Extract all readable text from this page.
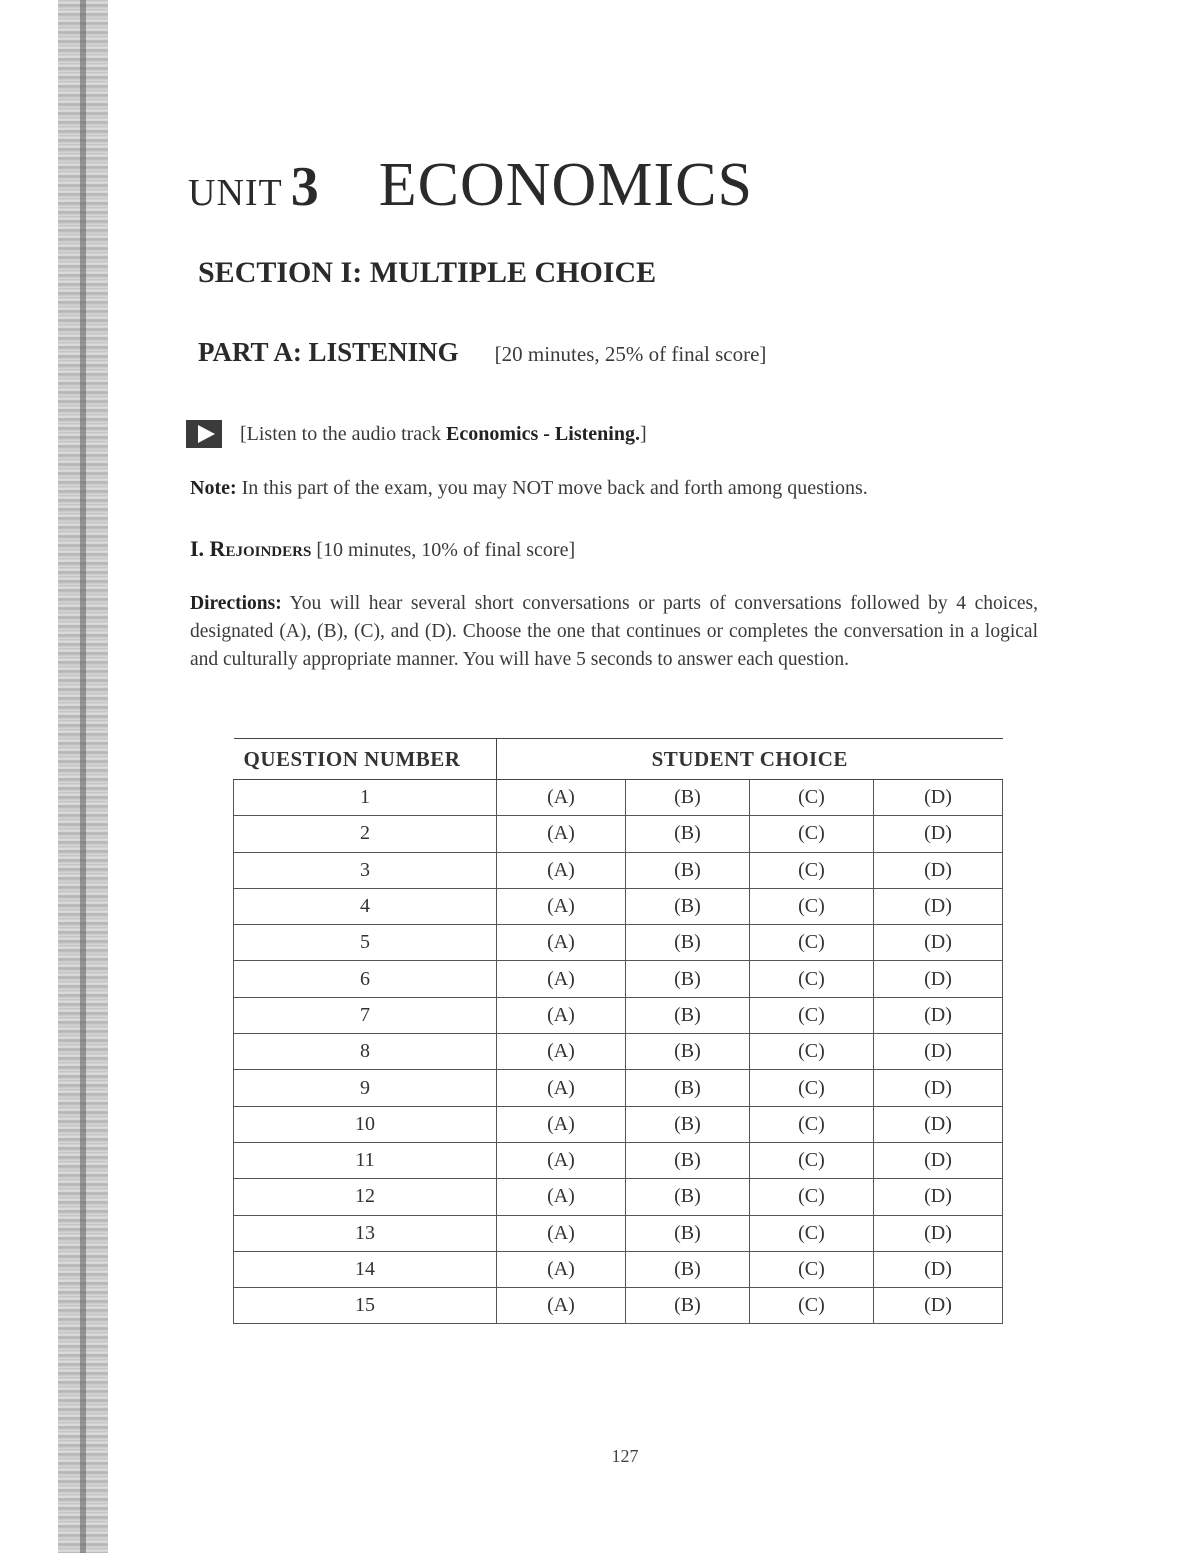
UNIT 3 ECONOMICS
SECTION I: MULTIPLE CHOICE
PART A: LISTENING [20 minutes, 25% of final score]
[Listen to the audio track Economics - Listening.]
Note: In this part of the exam, you may NOT move back and forth among questions.
I. Rejoinders [10 minutes, 10% of final score]
Directions: You will hear several short conversations or parts of conversations followed by 4 choices, designated (A), (B), (C), and (D). Choose the one that continues or completes the conversation in a logical and culturally appropriate manner. You will have 5 seconds to answer each question.
QUESTION NUMBER	STUDENT CHOICE			
1	(A)	(B)	(C)	(D)
2	(A)	(B)	(C)	(D)
3	(A)	(B)	(C)	(D)
4	(A)	(B)	(C)	(D)
5	(A)	(B)	(C)	(D)
6	(A)	(B)	(C)	(D)
7	(A)	(B)	(C)	(D)
8	(A)	(B)	(C)	(D)
9	(A)	(B)	(C)	(D)
10	(A)	(B)	(C)	(D)
11	(A)	(B)	(C)	(D)
12	(A)	(B)	(C)	(D)
13	(A)	(B)	(C)	(D)
14	(A)	(B)	(C)	(D)
15	(A)	(B)	(C)	(D)
127
